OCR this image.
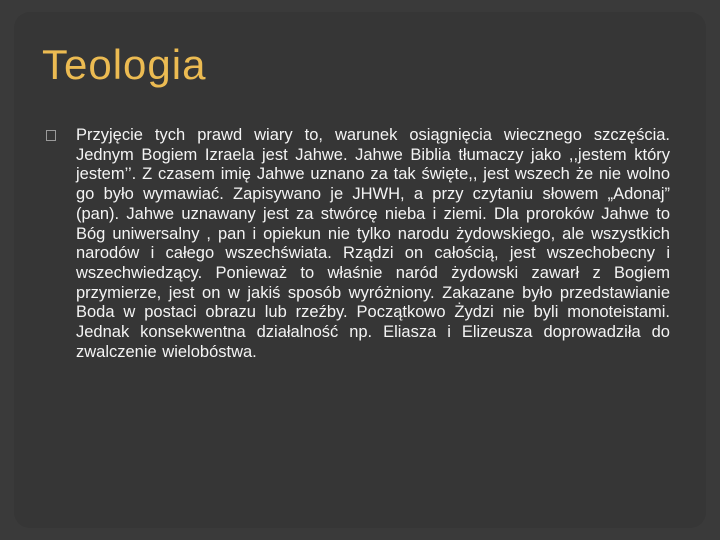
Teologia

Przyjęcie tych prawd wiary to, warunek osiągnięcia wiecznego szczęścia. Jednym Bogiem Izraela jest Jahwe. Jahwe Biblia tłumaczy jako ,,jestem który jestem’’. Z czasem imię Jahwe uznano za tak święte,, jest wszech że nie wolno go było wymawiać. Zapisywano je JHWH, a przy czytaniu słowem „Adonaj” (pan). Jahwe uznawany jest za stwórcę nieba i ziemi. Dla proroków Jahwe to Bóg uniwersalny , pan i opiekun nie tylko narodu żydowskiego, ale wszystkich narodów i całego wszechświata. Rządzi on całością, jest wszechobecny i wszechwiedzący. Ponieważ to właśnie naród żydowski zawarł z Bogiem przymierze, jest on w jakiś sposób wyróżniony. Zakazane było przedstawianie Boda w postaci obrazu lub rzeźby. Początkowo Żydzi nie byli monoteistami. Jednak konsekwentna działalność np. Eliasza i Elizeusza doprowadziła do zwalczenie wielobóstwa.
